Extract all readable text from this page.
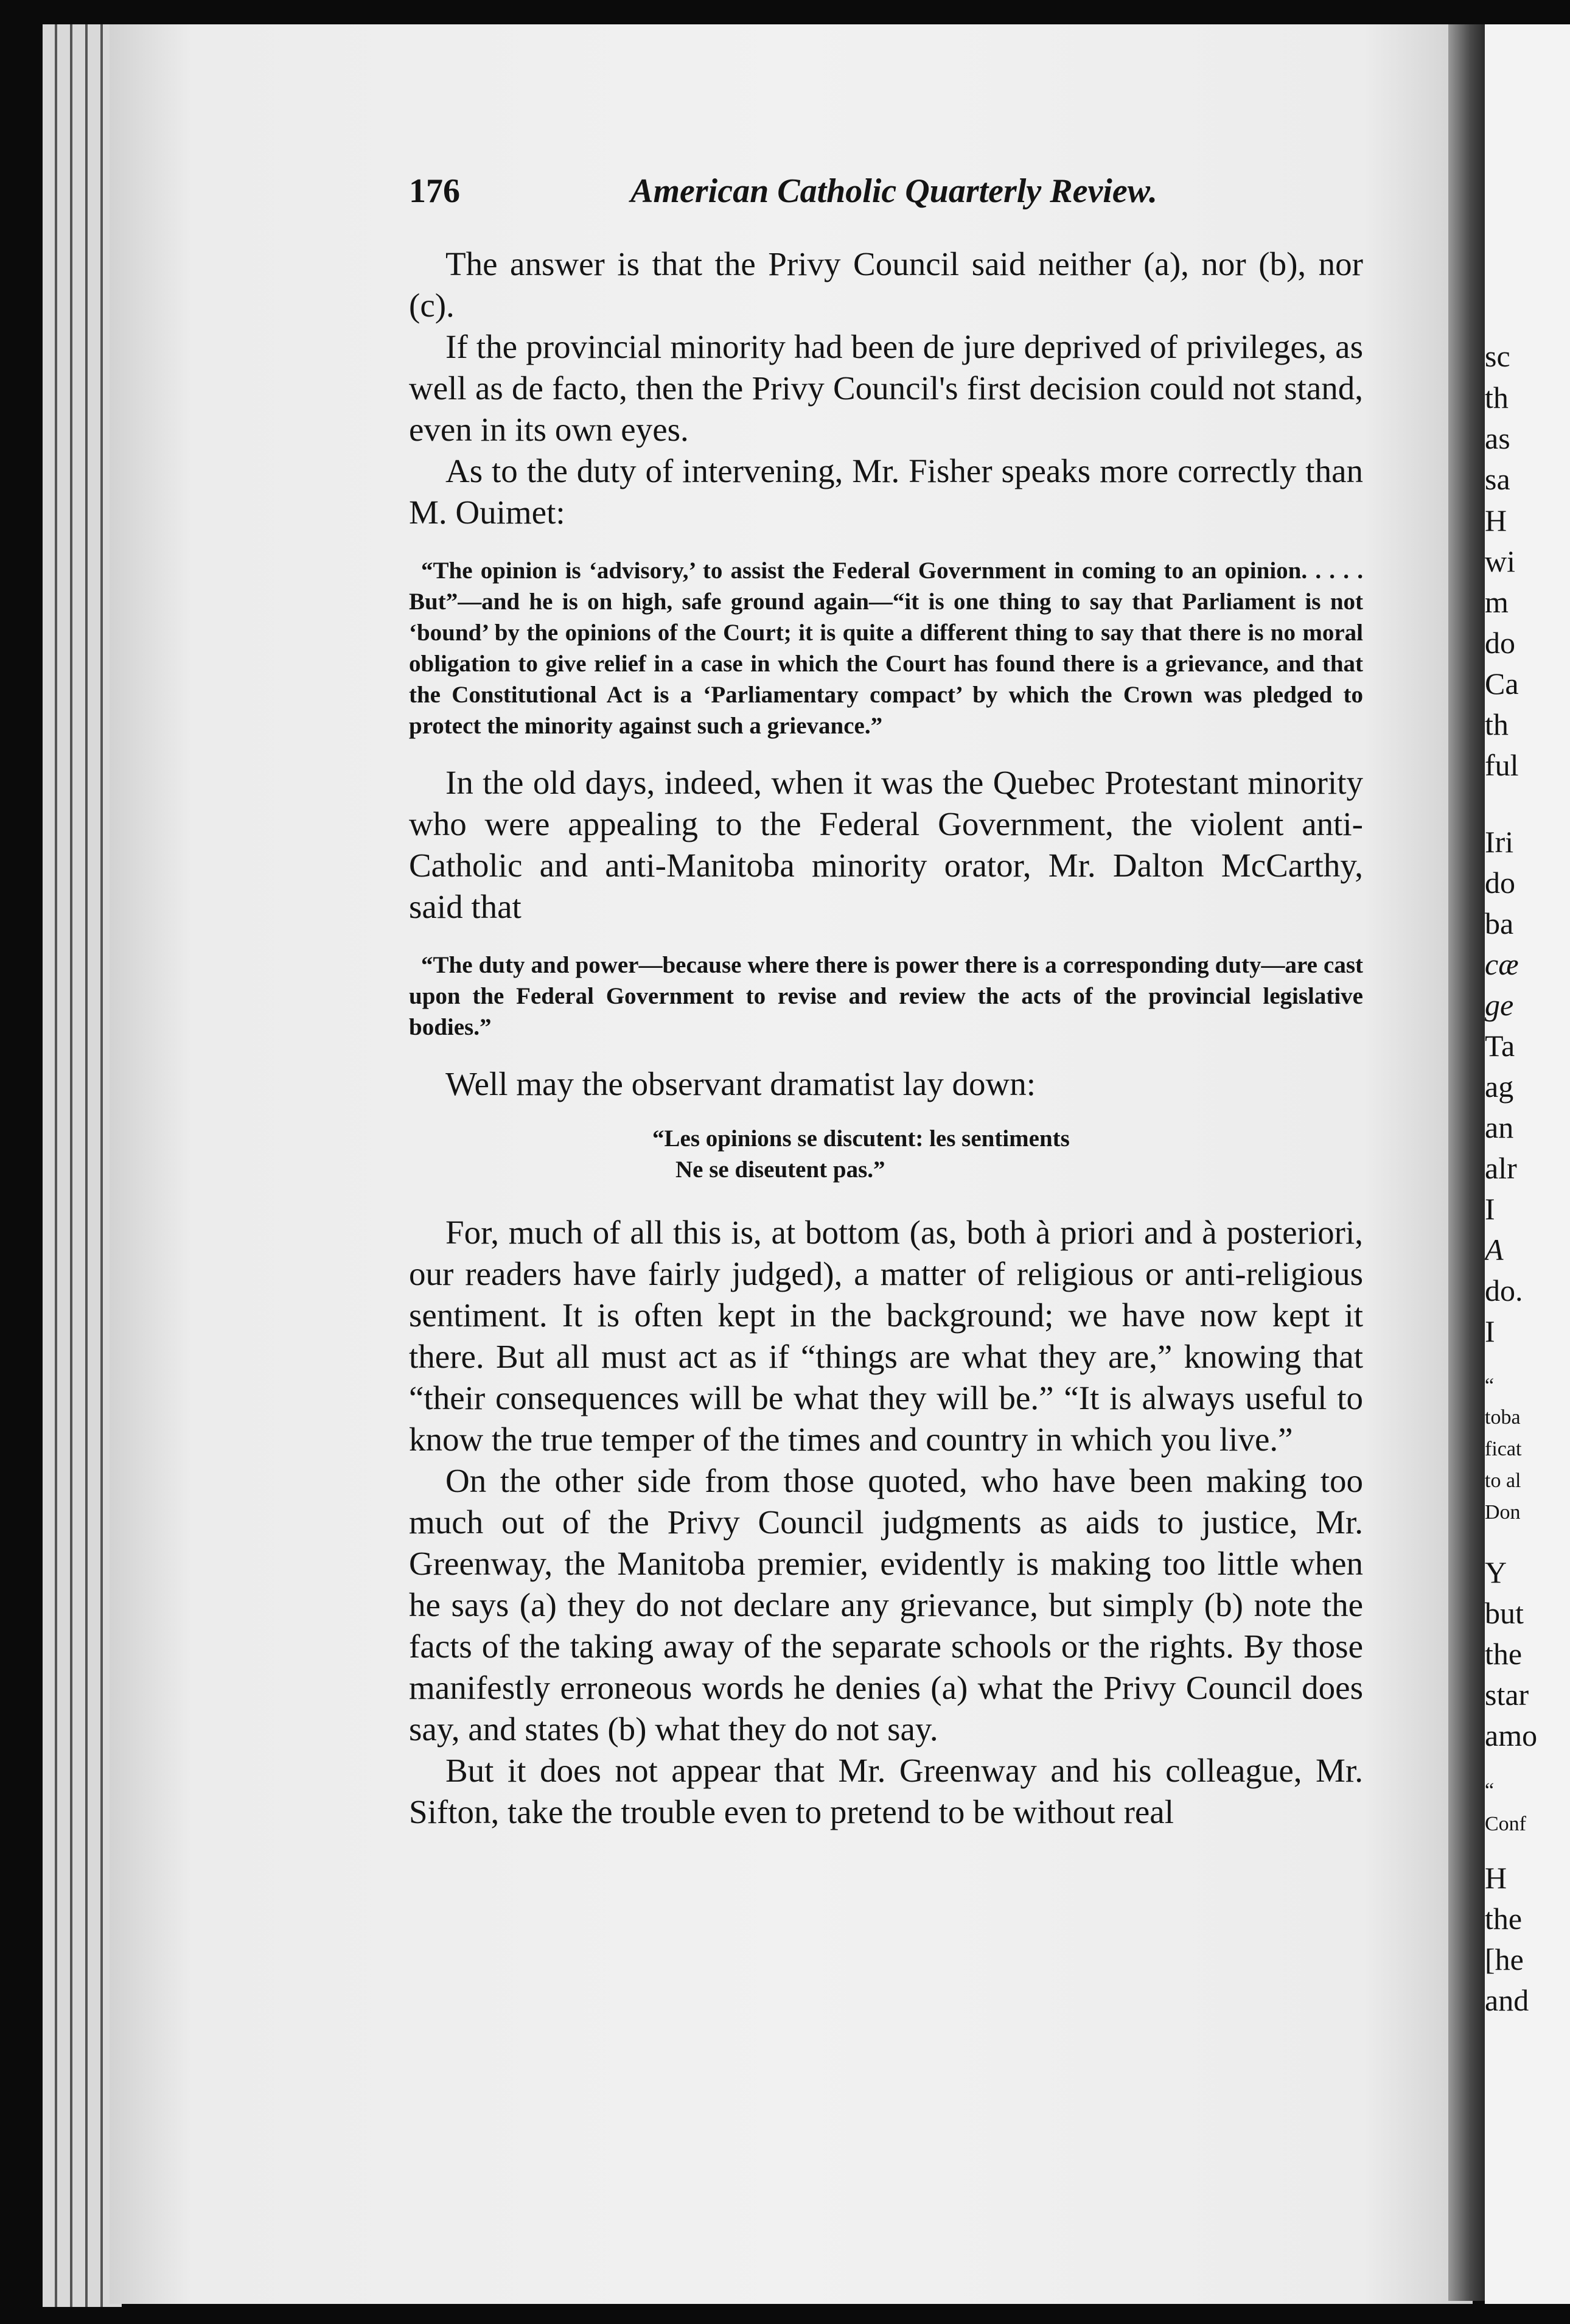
176	American Catholic Quarterly Review.

The answer is that the Privy Council said neither (a), nor (b), nor (c).

If the provincial minority had been de jure deprived of privileges, as well as de facto, then the Privy Council's first decision could not stand, even in its own eyes.

As to the duty of intervening, Mr. Fisher speaks more correctly than M. Ouimet:

“The opinion is ‘advisory,’ to assist the Federal Government in coming to an opinion. . . . . But”—and he is on high, safe ground again—“it is one thing to say that Parliament is not ‘bound’ by the opinions of the Court; it is quite a different thing to say that there is no moral obligation to give relief in a case in which the Court has found there is a grievance, and that the Constitutional Act is a ‘Parliamentary compact’ by which the Crown was pledged to protect the minority against such a grievance.”

In the old days, indeed, when it was the Quebec Protestant minority who were appealing to the Federal Government, the violent anti-Catholic and anti-Manitoba minority orator, Mr. Dalton McCarthy, said that

“The duty and power—because where there is power there is a corresponding duty—are cast upon the Federal Government to revise and review the acts of the provincial legislative bodies.”

Well may the observant dramatist lay down:

“Les opinions se discutent: les sentiments
Ne se diseutent pas.”

For, much of all this is, at bottom (as, both à priori and à posteriori, our readers have fairly judged), a matter of religious or anti-religious sentiment. It is often kept in the background; we have now kept it there. But all must act as if “things are what they are,” knowing that “their consequences will be what they will be.” “It is always useful to know the true temper of the times and country in which you live.”

On the other side from those quoted, who have been making too much out of the Privy Council judgments as aids to justice, Mr. Greenway, the Manitoba premier, evidently is making too little when he says (a) they do not declare any grievance, but simply (b) note the facts of the taking away of the separate schools or the rights. By those manifestly erroneous words he denies (a) what the Privy Council does say, and states (b) what they do not say.

But it does not appear that Mr. Greenway and his colleague, Mr. Sifton, take the trouble even to pretend to be without real

sc
th
as
sa
H
wi
m
do
Ca
th
ful
Iri
do
ba
cæ
ge
Ta
ag
an
alr
I
A
do.
I
“
toba
ficat
to al
Don
Y
but
the
star
amo
“
Conf
H
the
[he
and
